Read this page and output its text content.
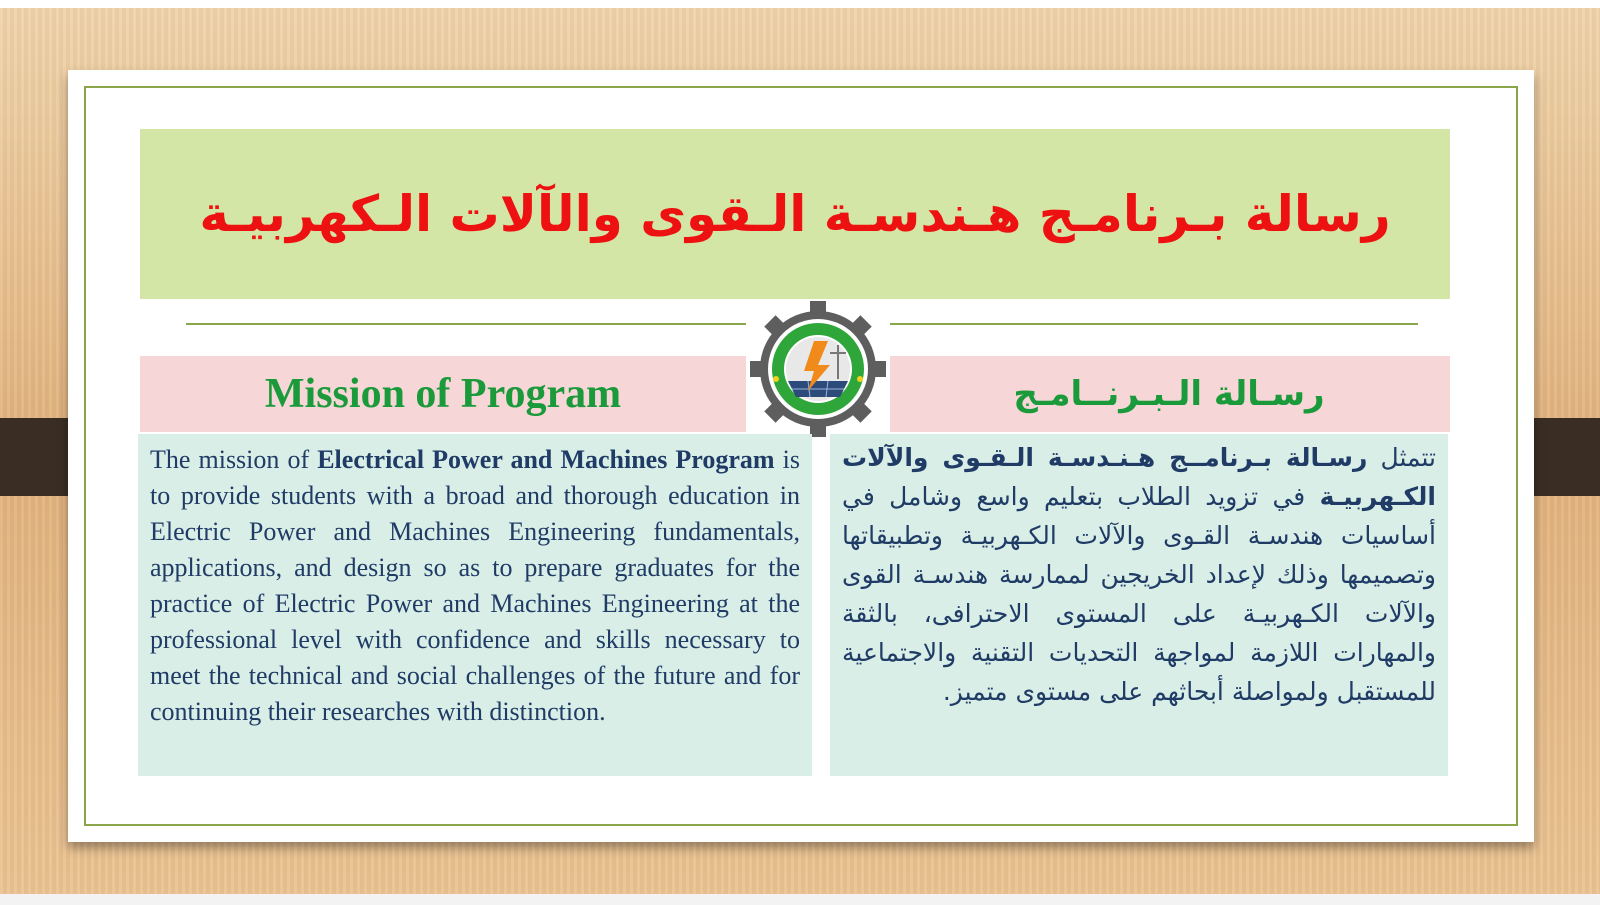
رسالة بـرنامـج هـندسـة الـقوى والآلات الـكهربيـة
Mission of Program	رسـالة الـبـرنــامـج

The mission of Electrical Power and Machines Program is to provide students with a broad and thorough education in Electric Power and Machines Engineering fundamentals, applications, and design so as to prepare graduates for the practice of Electric Power and Machines Engineering at the professional level with confidence and skills necessary to meet the technical and social challenges of the future and for continuing their researches with distinction.

تتمثل رسـالة بـرنامــج هـنـدسـة الـقـوى والآلات الكـهربيـة في تزويد الطلاب بتعليم واسع وشامل في أساسيات هندسـة القـوى والآلات الكـهربيـة وتطبيقاتها وتصميمها وذلك لإعداد الخريجين لممارسة هندسـة القوى والآلات الكـهربيـة على المستوى الاحترافى، بالثقة والمهارات اللازمة لمواجهة التحديات التقنية والاجتماعية للمستقبل ولمواصلة أبحاثهم على مستوى متميز.
